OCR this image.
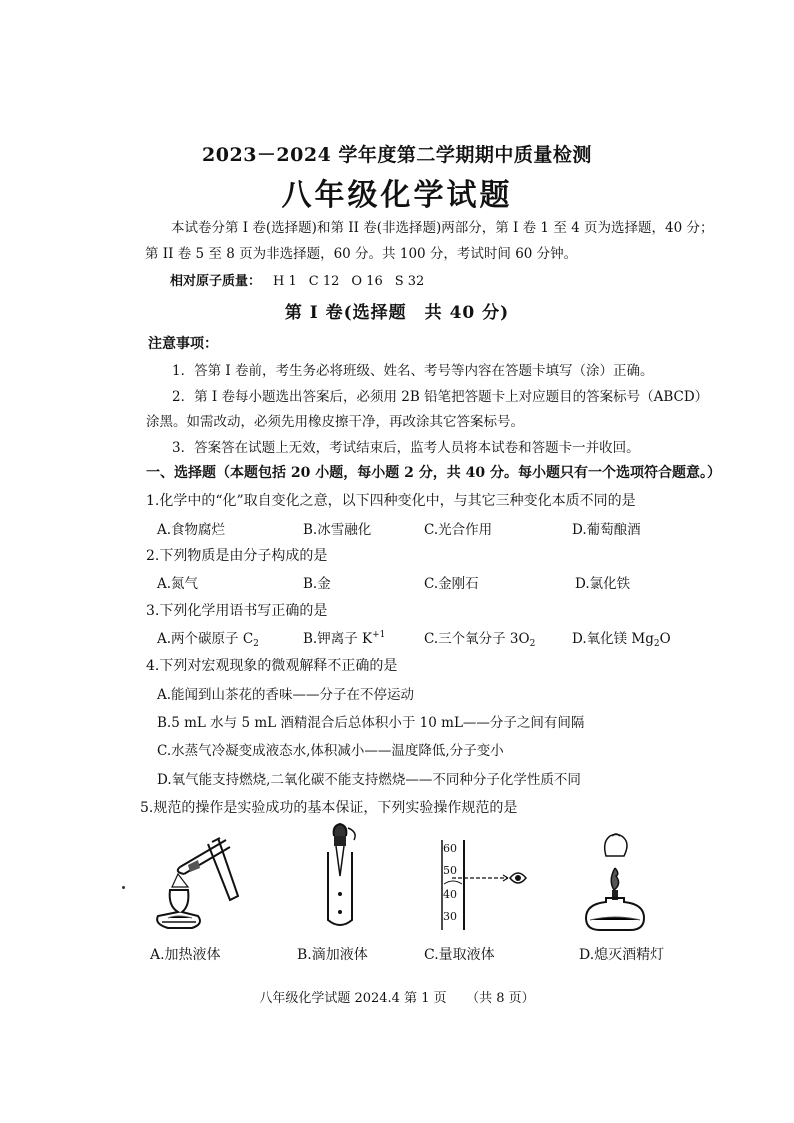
2023－2024 学年度第二学期期中质量检测
八年级化学试题
本试卷分第 I 卷(选择题)和第 II 卷(非选择题)两部分，第 I 卷 1 至 4 页为选择题，40 分；第 II 卷 5 至 8 页为非选择题，60 分。共 100 分，考试时间 60 分钟。
相对原子质量： H 1 C 12 O 16 S 32
第 I 卷(选择题　共 40 分)
注意事项：
1．答第 I 卷前，考生务必将班级、姓名、考号等内容在答题卡填写（涂）正确。
2．第 I 卷每小题选出答案后，必须用 2B 铅笔把答题卡上对应题目的答案标号（ABCD）
涂黑。如需改动，必须先用橡皮擦干净，再改涂其它答案标号。
3．答案答在试题上无效，考试结束后，监考人员将本试卷和答题卡一并收回。
一、选择题（本题包括 20 小题，每小题 2 分，共 40 分。每小题只有一个选项符合题意。）
1.化学中的“化”取自变化之意，以下四种变化中，与其它三种变化本质不同的是
A.食物腐烂	B.冰雪融化	C.光合作用	D.葡萄酿酒
2.下列物质是由分子构成的是
A.氮气	B.金	C.金刚石	D.氯化铁
3.下列化学用语书写正确的是
A.两个碳原子 $C_2$	B.钾离子 $K^{+1}$	C.三个氧分子 $3O_2$	D.氧化镁 $Mg_2O$
4.下列对宏观现象的微观解释不正确的是
A.能闻到山茶花的香味——分子在不停运动
B.5 mL 水与 5 mL 酒精混合后总体积小于 10 mL——分子之间有间隔
C.水蒸气冷凝变成液态水,体积减小——温度降低,分子变小
D.氧气能支持燃烧,二氧化碳不能支持燃烧——不同种分子化学性质不同
5.规范的操作是实验成功的基本保证，下列实验操作规范的是
A.加热液体	B.滴加液体
60
50
40
30
C.量取液体	D.熄灭酒精灯
八年级化学试题 2024.4 第 1 页　　（共 8 页）
